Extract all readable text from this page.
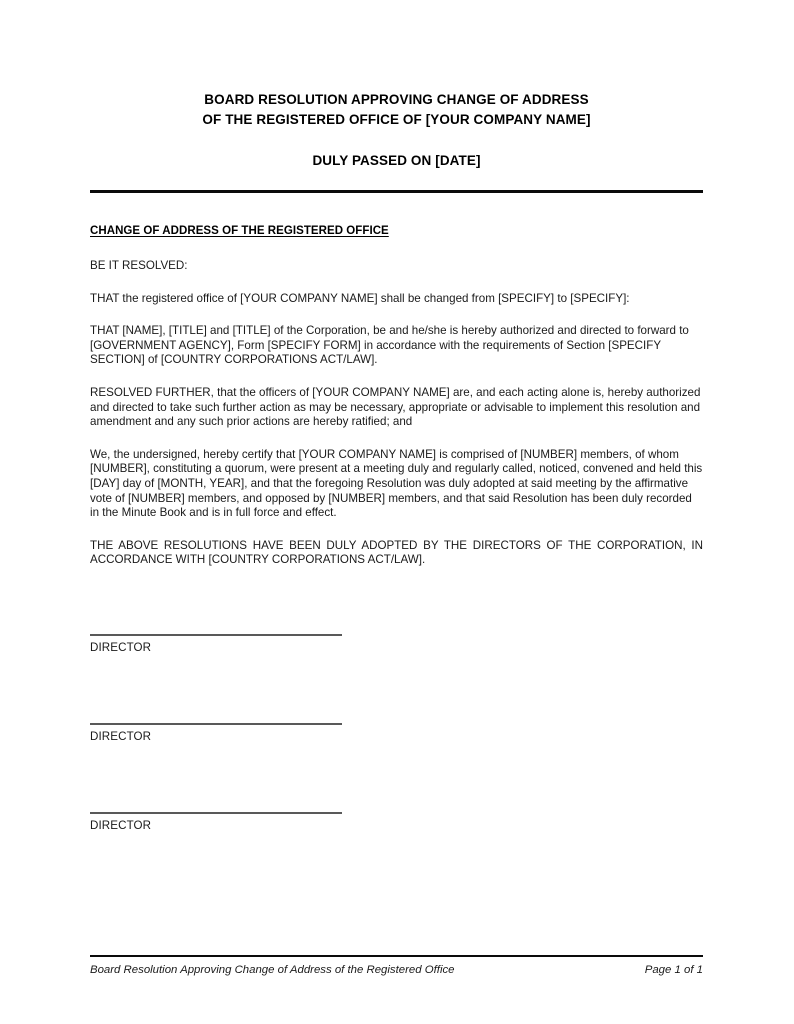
BOARD RESOLUTION APPROVING CHANGE OF ADDRESS
OF THE REGISTERED OFFICE OF [YOUR COMPANY NAME]
DULY PASSED ON [DATE]
CHANGE OF ADDRESS OF THE REGISTERED OFFICE

BE IT RESOLVED:

THAT the registered office of [YOUR COMPANY NAME] shall be changed from [SPECIFY] to [SPECIFY]:

THAT [NAME], [TITLE] and [TITLE] of the Corporation, be and he/she is hereby authorized and directed to forward to [GOVERNMENT AGENCY], Form [SPECIFY FORM] in accordance with the requirements of Section [SPECIFY SECTION] of [COUNTRY CORPORATIONS ACT/LAW].

RESOLVED FURTHER, that the officers of [YOUR COMPANY NAME] are, and each acting alone is, hereby authorized and directed to take such further action as may be necessary, appropriate or advisable to implement this resolution and amendment and any such prior actions are hereby ratified; and

We, the undersigned, hereby certify that [YOUR COMPANY NAME] is comprised of [NUMBER] members, of whom [NUMBER], constituting a quorum, were present at a meeting duly and regularly called, noticed, convened and held this [DAY] day of [MONTH, YEAR], and that the foregoing Resolution was duly adopted at said meeting by the affirmative vote of [NUMBER] members, and opposed by [NUMBER] members, and that said Resolution has been duly recorded in the Minute Book and is in full force and effect.

THE ABOVE RESOLUTIONS HAVE BEEN DULY ADOPTED BY THE DIRECTORS OF THE CORPORATION, IN ACCORDANCE WITH [COUNTRY CORPORATIONS ACT/LAW].

DIRECTOR
DIRECTOR
DIRECTOR
Board Resolution Approving Change of Address of the Registered Office	Page 1 of 1
